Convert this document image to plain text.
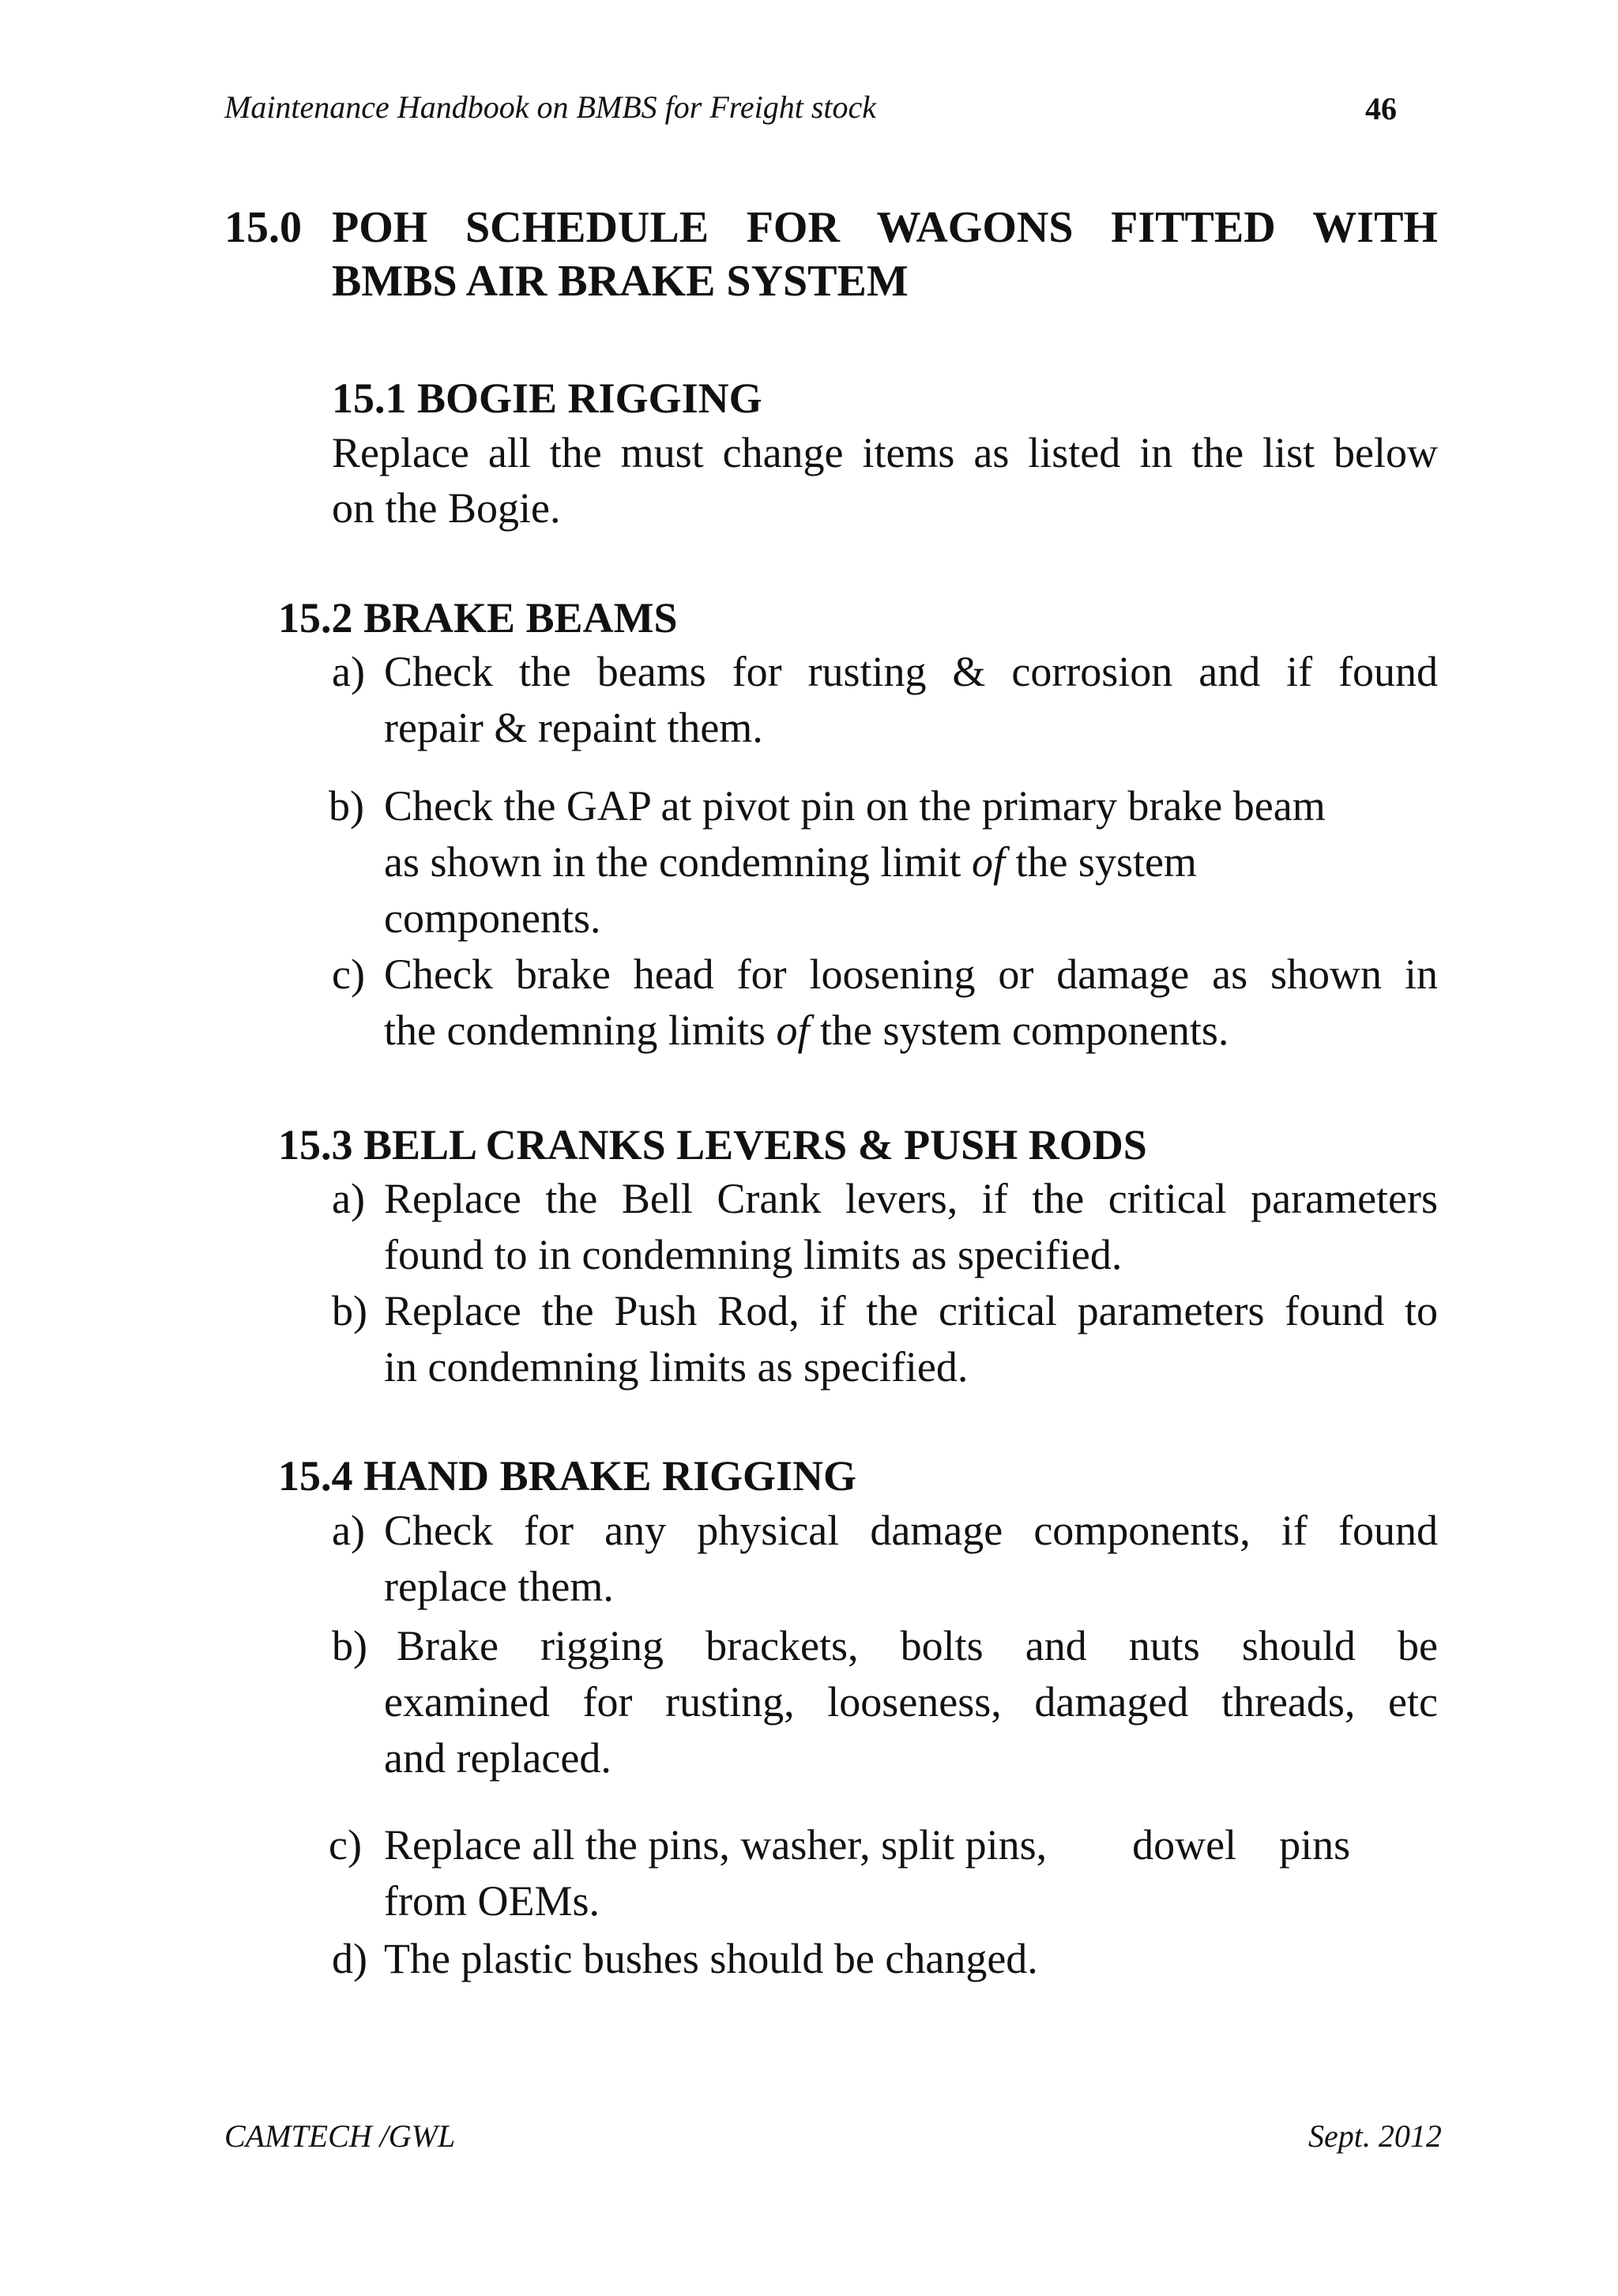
Maintenance Handbook on BMBS for Freight stock	46
15.0 POH SCHEDULE FOR WAGONS FITTED WITH
BMBS AIR BRAKE SYSTEM
15.1 BOGIE RIGGING
Replace all the must change items as listed in the list below
on the Bogie.
15.2 BRAKE BEAMS
a) Check the beams for rusting & corrosion and if found
repair & repaint them.
b) Check the GAP at pivot pin on the primary brake beam
as shown in the condemning limit of the system
components.
c) Check brake head for loosening or damage as shown in
the condemning limits of the system components.
15.3 BELL CRANKS LEVERS & PUSH RODS
a) Replace the Bell Crank levers, if the critical parameters
found to in condemning limits as specified.
b) Replace the Push Rod, if the critical parameters found to
in condemning limits as specified.
15.4 HAND BRAKE RIGGING
a) Check for any physical damage components, if found
replace them.
b) Brake rigging brackets, bolts and nuts should be
examined for rusting, looseness, damaged threads, etc
and replaced.
c) Replace all the pins, washer, split pins,        dowel    pins
from OEMs.
d) The plastic bushes should be changed.
CAMTECH /GWL	Sept. 2012
